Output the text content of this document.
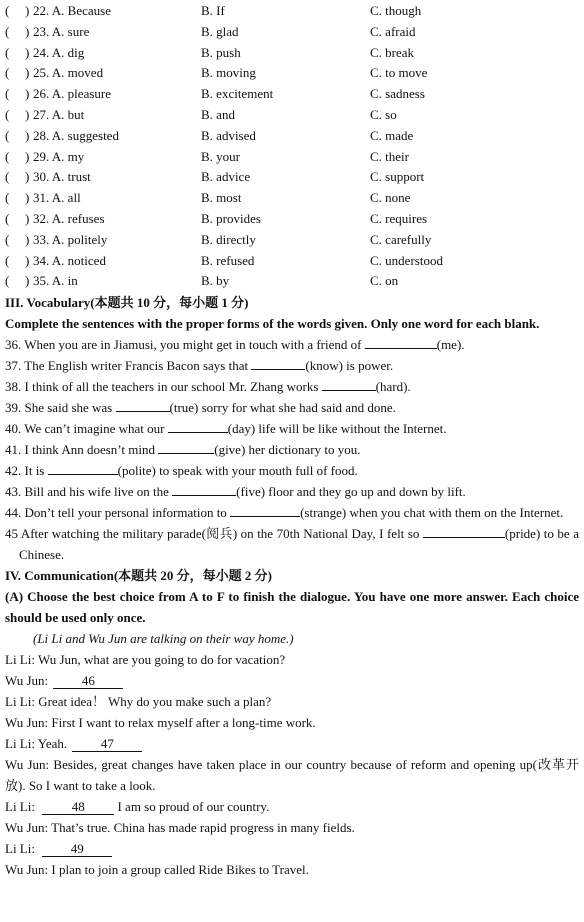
( ) 22. A. Because	B. If	C. though
( ) 23. A. sure	B. glad	C. afraid
( ) 24. A. dig	B. push	C. break
( ) 25. A. moved	B. moving	C. to move
( ) 26. A. pleasure	B. excitement	C. sadness
( ) 27. A. but	B. and	C. so
( ) 28. A. suggested	B. advised	C. made
( ) 29. A. my	B. your	C. their
( ) 30. A. trust	B. advice	C. support
( ) 31. A. all	B. most	C. none
( ) 32. A. refuses	B. provides	C. requires
( ) 33. A. politely	B. directly	C. carefully
( ) 34. A. noticed	B. refused	C. understood
( ) 35. A. in	B. by	C. on
III. Vocabulary(本题共 10 分，每小题 1 分)
Complete the sentences with the proper forms of the words given. Only one word for each blank.
36. When you are in Jiamusi, you might get in touch with a friend of	(me).
37. The English writer Francis Bacon says that	(know) is power.
38. I think of all the teachers in our school Mr. Zhang works	(hard).
39. She said she was	(true) sorry for what she had said and done.
40. We can’t imagine what our	(day) life will be like without the Internet.
41. I think Ann doesn’t mind	(give) her dictionary to you.
42. It is	(polite) to speak with your mouth full of food.
43. Bill and his wife live on the	(five) floor and they go up and down by lift.
44. Don’t tell your personal information to	(strange) when you chat with them on the Internet.
45 After watching the military parade(阅兵) on the 70th National Day, I felt so	(pride) to be a Chinese.
IV. Communication(本题共 20 分，每小题 2 分)
(A) Choose the best choice from A to F to finish the dialogue. You have one more answer. Each choice should be used only once.
(Li Li and Wu Jun are talking on their way home.)
Li Li: Wu Jun, what are you going to do for vacation?
Wu Jun: 46
Li Li: Great idea！ Why do you make such a plan?
Wu Jun: First I want to relax myself after a long-time work.
Li Li: Yeah. 47
Wu Jun: Besides, great changes have taken place in our country because of reform and opening up(改革开放). So I want to take a look.
Li Li:	48 I am so proud of our country.
Wu Jun: That’s true. China has made rapid progress in many fields.
Li Li:	49
Wu Jun: I plan to join a group called Ride Bikes to Travel.
